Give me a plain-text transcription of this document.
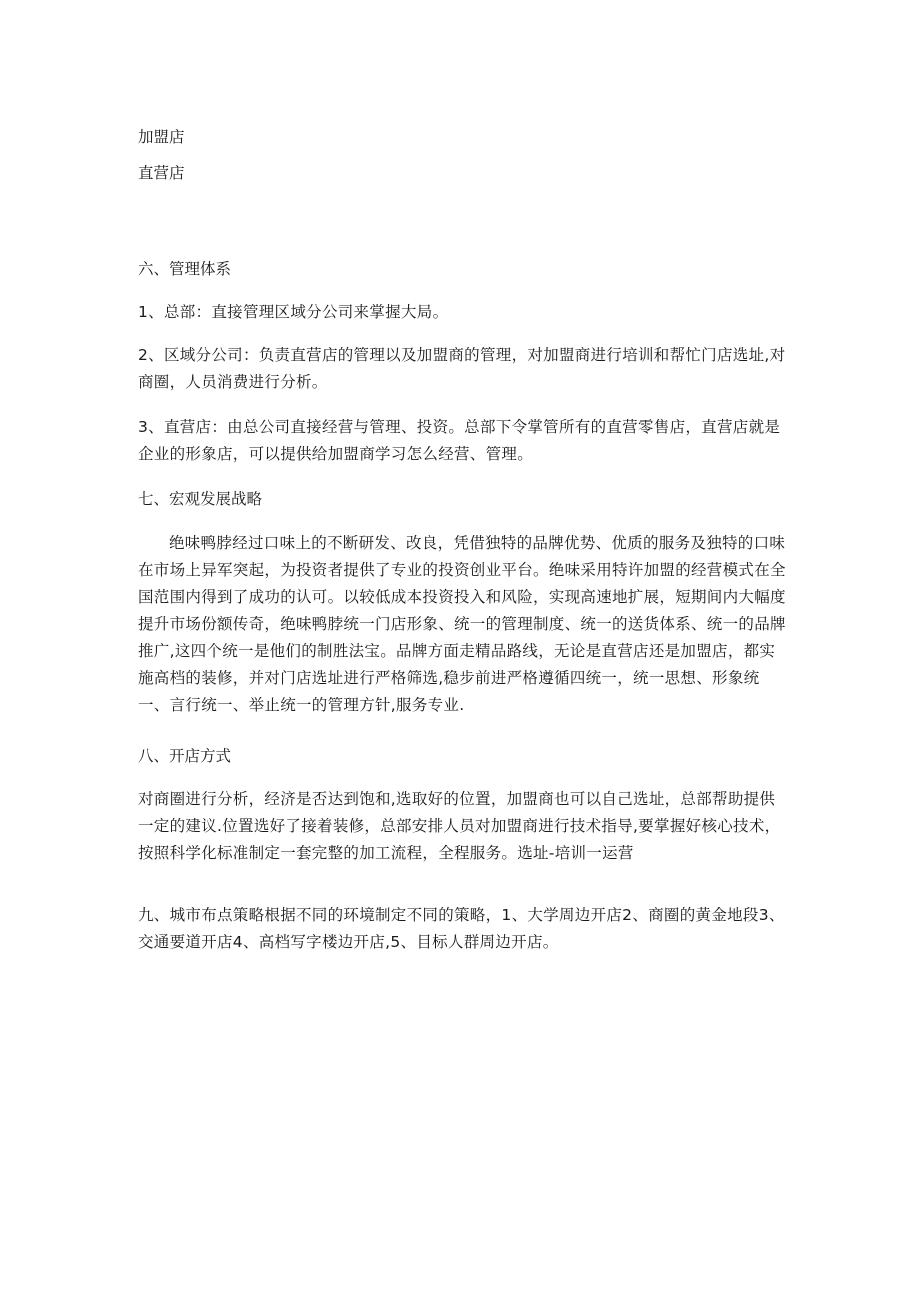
加盟店

直营店

六、管理体系

1、总部：直接管理区域分公司来掌握大局。

2、区域分公司：负责直营店的管理以及加盟商的管理，对加盟商进行培训和帮忙门店选址,对商圈，人员消费进行分析。

3、直营店：由总公司直接经营与管理、投资。总部下令掌管所有的直营零售店，直营店就是企业的形象店，可以提供给加盟商学习怎么经营、管理。

七、宏观发展战略

绝味鸭脖经过口味上的不断研发、改良，凭借独特的品牌优势、优质的服务及独特的口味在市场上异军突起，为投资者提供了专业的投资创业平台。绝味采用特许加盟的经营模式在全国范围内得到了成功的认可。以较低成本投资投入和风险，实现高速地扩展，短期间内大幅度提升市场份额传奇，绝味鸭脖统一门店形象、统一的管理制度、统一的送货体系、统一的品牌推广,这四个统一是他们的制胜法宝。品牌方面走精品路线，无论是直营店还是加盟店，都实施高档的装修，并对门店选址进行严格筛选,稳步前进严格遵循四统一，统一思想、形象统一、言行统一、举止统一的管理方针,服务专业.

八、开店方式

对商圈进行分析，经济是否达到饱和,选取好的位置，加盟商也可以自己选址，总部帮助提供一定的建议.位置选好了接着装修，总部安排人员对加盟商进行技术指导,要掌握好核心技术，按照科学化标准制定一套完整的加工流程，全程服务。选址-培训一运营

九、城市布点策略根据不同的环境制定不同的策略，1、大学周边开店2、商圈的黄金地段3、交通要道开店4、高档写字楼边开店,5、目标人群周边开店。
